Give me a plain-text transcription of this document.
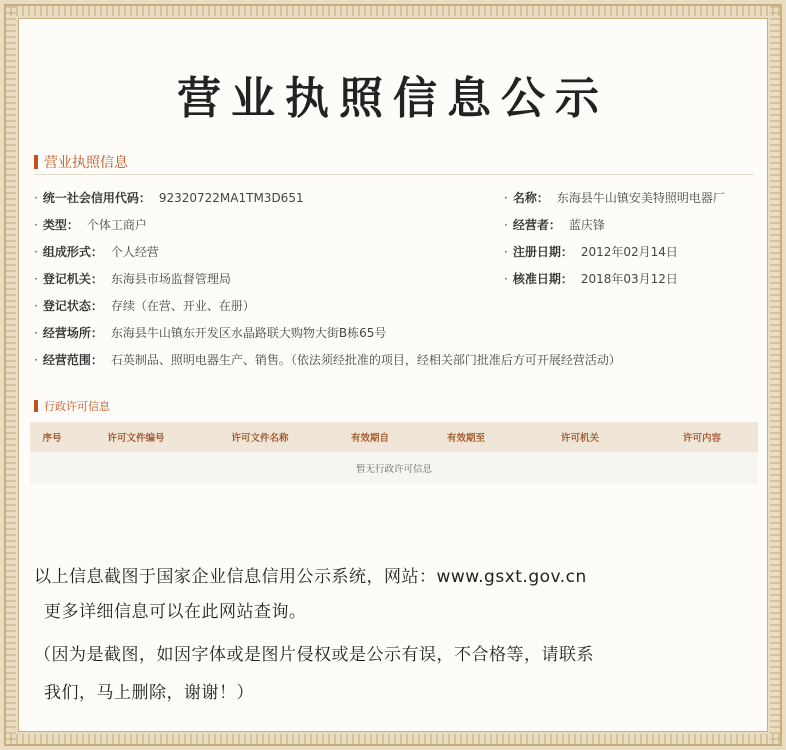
营业执照信息公示
营业执照信息
· 统一社会信用代码： 92320722MA1TM3D651
· 类型： 个体工商户
· 组成形式： 个人经营
· 登记机关： 东海县市场监督管理局
· 登记状态： 存续（在营、开业、在册）
· 经营场所： 东海县牛山镇东开发区水晶路联大购物大街B栋65号
· 经营范围： 石英制品、照明电器生产、销售。（依法须经批准的项目，经相关部门批准后方可开展经营活动）
· 名称： 东海县牛山镇安美特照明电器厂
· 经营者： 蓝庆锋
· 注册日期： 2012年02月14日
· 核准日期： 2018年03月12日
行政许可信息
序号	许可文件编号	许可文件名称	有效期自	有效期至	许可机关	许可内容
暂无行政许可信息
以上信息截图于国家企业信息信用公示系统，网站：www.gsxt.gov.cn
更多详细信息可以在此网站查询。
（因为是截图，如因字体或是图片侵权或是公示有误，不合格等，请联系
我们，马上删除，谢谢！）
